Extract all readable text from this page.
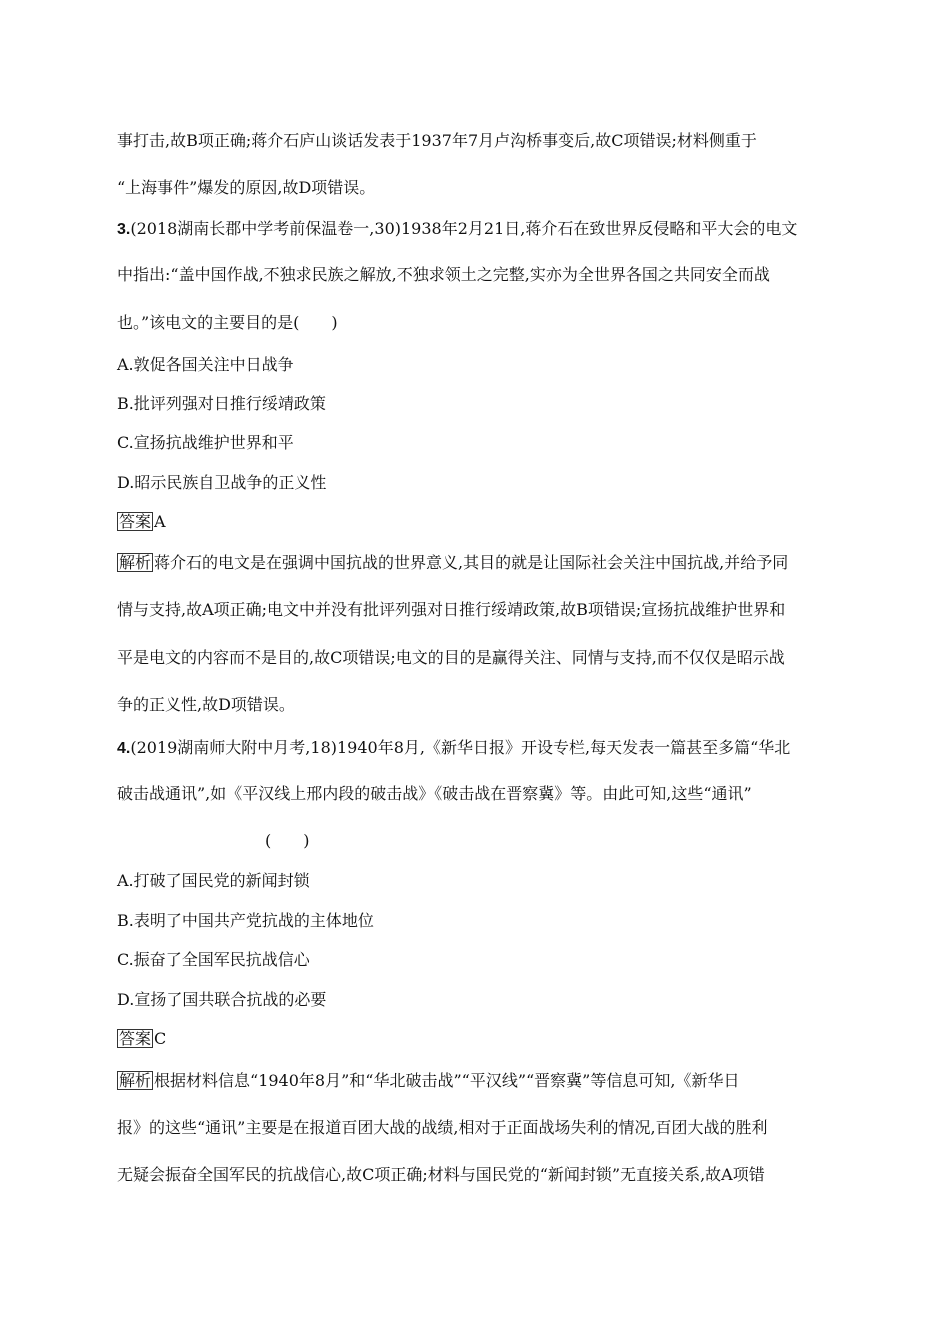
事打击,故B项正确;蒋介石庐山谈话发表于1937年7月卢沟桥事变后,故C项错误;材料侧重于
“上海事件”爆发的原因,故D项错误。
3.(2018湖南长郡中学考前保温卷一,30)1938年2月21日,蒋介石在致世界反侵略和平大会的电文
中指出:“盖中国作战,不独求民族之解放,不独求领土之完整,实亦为全世界各国之共同安全而战
也。”该电文的主要目的是(　　)
A.敦促各国关注中日战争
B.批评列强对日推行绥靖政策
C.宣扬抗战维护世界和平
D.昭示民族自卫战争的正义性
答案 A
解析 蒋介石的电文是在强调中国抗战的世界意义,其目的就是让国际社会关注中国抗战,并给予同
情与支持,故A项正确;电文中并没有批评列强对日推行绥靖政策,故B项错误;宣扬抗战维护世界和
平是电文的内容而不是目的,故C项错误;电文的目的是赢得关注、同情与支持,而不仅仅是昭示战
争的正义性,故D项错误。
4.(2019湖南师大附中月考,18)1940年8月,《新华日报》开设专栏,每天发表一篇甚至多篇“华北
破击战通讯”,如《平汉线上邢内段的破击战》《破击战在晋察冀》等。由此可知,这些“通讯”
(　　)
A.打破了国民党的新闻封锁
B.表明了中国共产党抗战的主体地位
C.振奋了全国军民抗战信心
D.宣扬了国共联合抗战的必要
答案 C
解析 根据材料信息“1940年8月”和“华北破击战”“平汉线”“晋察冀”等信息可知,《新华日
报》的这些“通讯”主要是在报道百团大战的战绩,相对于正面战场失利的情况,百团大战的胜利
无疑会振奋全国军民的抗战信心,故C项正确;材料与国民党的“新闻封锁”无直接关系,故A项错
